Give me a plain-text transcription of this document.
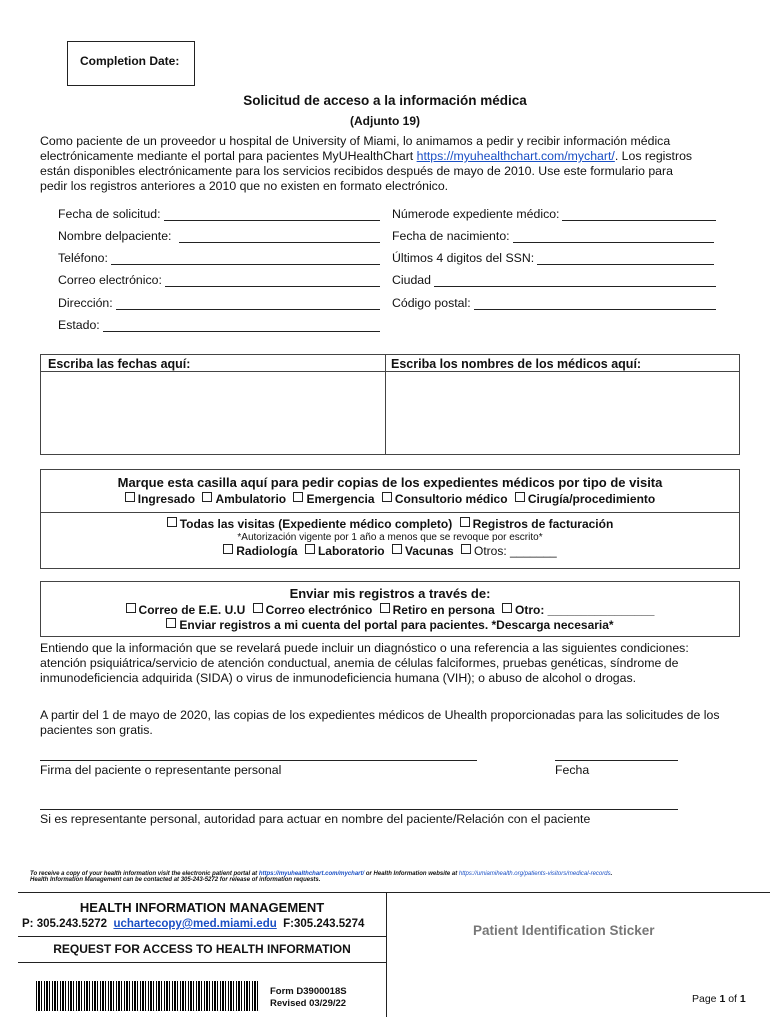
Completion Date:
Solicitud de acceso a la información médica
(Adjunto 19)
Como paciente de un proveedor u hospital de University of Miami, lo animamos a pedir y recibir información médica electrónicamente mediante el portal para pacientes MyUHealthChart https://myuhealthchart.com/mychart/. Los registros están disponibles electrónicamente para los servicios recibidos después de mayo de 2010. Use este formulario para pedir los registros anteriores a 2010 que no existen en formato electrónico.
Fecha de solicitud:
Nombre delpaciente:
Teléfono:
Correo electrónico:
Dirección:
Estado:
Númerode expediente médico:
Fecha de nacimiento:
Últimos 4 digitos del SSN:
Ciudad
Código postal:
Escriba las fechas aquí:	Escriba los nombres de los médicos aquí:
Marque esta casilla aquí para pedir copias de los expedientes médicos por tipo de visita
Ingresado Ambulatorio Emergencia Consultorio médico Cirugía/procedimiento
Todas las visitas (Expediente médico completo) Registros de facturación
*Autorización vigente por 1 año a menos que se revoque por escrito*
Radiología Laboratorio Vacunas Otros: _______
Enviar mis registros a través de:
Correo de E.E. U.U Correo electrónico Retiro en persona Otro: ________________
Enviar registros a mi cuenta del portal para pacientes. *Descarga necesaria*
Entiendo que la información que se revelará puede incluir un diagnóstico o una referencia a las siguientes condiciones: atención psiquiátrica/servicio de atención conductual, anemia de células falciformes, pruebas genéticas, síndrome de inmunodeficiencia adquirida (SIDA) o virus de inmunodeficiencia humana (VIH); o abuso de alcohol o drogas.
A partir del 1 de mayo de 2020, las copias de los expedientes médicos de Uhealth proporcionadas para las solicitudes de los pacientes son gratis.
Firma del paciente o representante personal	Fecha
Si es representante personal, autoridad para actuar en nombre del paciente/Relación con el paciente
To receive a copy of your health information visit the electronic patient portal at https://myuhealthchart.com/mychart/ or Health Information website at https://umiamihealth.org/patients-visitors/medical-records.
Health Information Management can be contacted at 305-243-5272 for release of information requests.
HEALTH INFORMATION MANAGEMENT
P: 305.243.5272 uchartecopy@med.miami.edu F:305.243.5274
REQUEST FOR ACCESS TO HEALTH INFORMATION
Form D3900018S
Revised 03/29/22
Patient Identification Sticker
Page 1 of 1
